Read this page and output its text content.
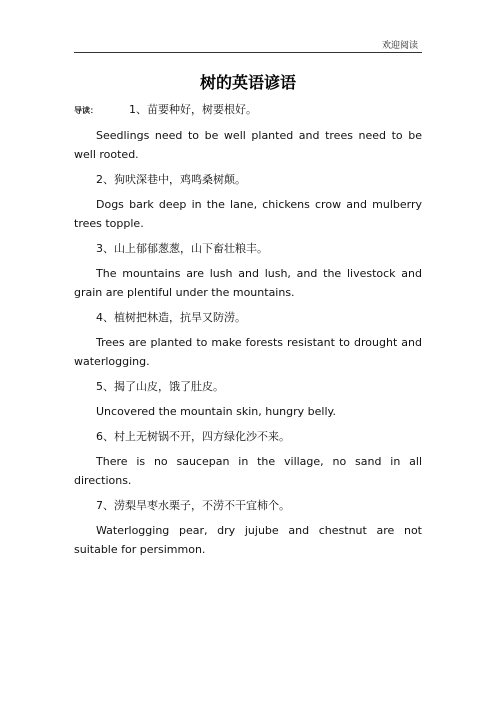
欢迎阅读
树的英语谚语
导读：	1、苗要种好，树要根好。

Seedlings need to be well planted and trees need to be well rooted.

2、狗吠深巷中，鸡鸣桑树颠。

Dogs bark deep in the lane, chickens crow and mulberry trees topple.

3、山上郁郁葱葱，山下畜壮粮丰。

The mountains are lush and lush, and the livestock and grain are plentiful under the mountains.

4、植树把林造，抗旱又防涝。

Trees are planted to make forests resistant to drought and waterlogging.

5、揭了山皮，饿了肚皮。

Uncovered the mountain skin, hungry belly.

6、村上无树锅不开，四方绿化沙不来。

There is no saucepan in the village, no sand in all directions.

7、涝梨旱枣水栗子，不涝不干宜柿个。

Waterlogging pear, dry jujube and chestnut are not suitable for persimmon.
